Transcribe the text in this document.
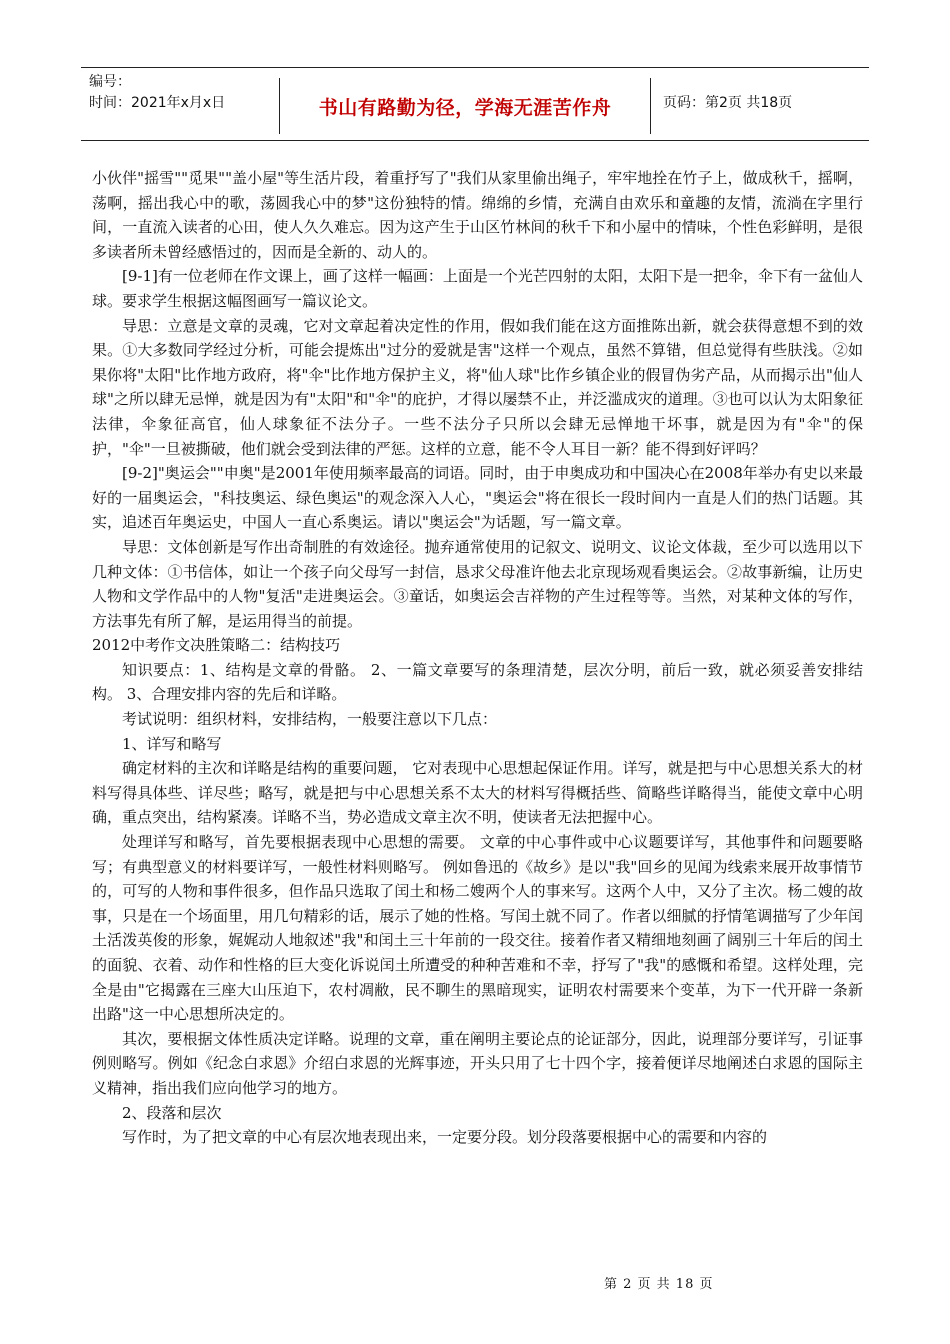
编号：
时间：2021年x月x日	书山有路勤为径，学海无涯苦作舟	页码：第2页 共18页

小伙伴"摇雪""觅果""盖小屋"等生活片段，着重抒写了"我们从家里偷出绳子，牢牢地拴在竹子上，做成秋千，摇啊，荡啊，摇出我心中的歌，荡圆我心中的梦"这份独特的情。绵绵的乡情，充满自由欢乐和童趣的友情，流淌在字里行间，一直流入读者的心田，使人久久难忘。因为这产生于山区竹林间的秋千下和小屋中的情味，个性色彩鲜明，是很多读者所未曾经感悟过的，因而是全新的、动人的。

[9-1]有一位老师在作文课上，画了这样一幅画：上面是一个光芒四射的太阳，太阳下是一把伞，伞下有一盆仙人球。要求学生根据这幅图画写一篇议论文。

导思：立意是文章的灵魂，它对文章起着决定性的作用，假如我们能在这方面推陈出新，就会获得意想不到的效果。①大多数同学经过分析，可能会提炼出"过分的爱就是害"这样一个观点，虽然不算错，但总觉得有些肤浅。②如果你将"太阳"比作地方政府，将"伞"比作地方保护主义，将"仙人球"比作乡镇企业的假冒伪劣产品，从而揭示出"仙人球"之所以肆无忌惮，就是因为有"太阳"和"伞"的庇护，才得以屡禁不止，并泛滥成灾的道理。③也可以认为太阳象征法律，伞象征高官，仙人球象征不法分子。一些不法分子只所以会肆无忌惮地干坏事，就是因为有"伞"的保护，"伞"一旦被撕破，他们就会受到法律的严惩。这样的立意，能不令人耳目一新？能不得到好评吗？

[9-2]"奥运会""申奥"是2001年使用频率最高的词语。同时，由于申奥成功和中国决心在2008年举办有史以来最好的一届奥运会，"科技奥运、绿色奥运"的观念深入人心，"奥运会"将在很长一段时间内一直是人们的热门话题。其实，追述百年奥运史，中国人一直心系奥运。请以"奥运会"为话题，写一篇文章。

导思：文体创新是写作出奇制胜的有效途径。抛弃通常使用的记叙文、说明文、议论文体裁，至少可以选用以下几种文体：①书信体，如让一个孩子向父母写一封信，恳求父母准许他去北京现场观看奥运会。②故事新编，让历史人物和文学作品中的人物"复活"走进奥运会。③童话，如奥运会吉祥物的产生过程等等。当然，对某种文体的写作，方法事先有所了解，是运用得当的前提。

2012中考作文决胜策略二：结构技巧

知识要点：1、结构是文章的骨骼。 2、一篇文章要写的条理清楚，层次分明，前后一致，就必须妥善安排结构。 3、合理安排内容的先后和详略。

考试说明：组织材料，安排结构，一般要注意以下几点：

1、详写和略写

确定材料的主次和详略是结构的重要问题， 它对表现中心思想起保证作用。详写，就是把与中心思想关系大的材料写得具体些、详尽些；略写，就是把与中心思想关系不太大的材料写得概括些、简略些详略得当，能使文章中心明确，重点突出，结构紧凑。详略不当，势必造成文章主次不明，使读者无法把握中心。

处理详写和略写，首先要根据表现中心思想的需要。 文章的中心事件或中心议题要详写，其他事件和问题要略写；有典型意义的材料要详写，一般性材料则略写。 例如鲁迅的《故乡》是以"我"回乡的见闻为线索来展开故事情节的，可写的人物和事件很多，但作品只选取了闰土和杨二嫂两个人的事来写。这两个人中，又分了主次。杨二嫂的故事，只是在一个场面里，用几句精彩的话，展示了她的性格。写闰土就不同了。作者以细腻的抒情笔调描写了少年闰土活泼英俊的形象，娓娓动人地叙述"我"和闰土三十年前的一段交往。接着作者又精细地刻画了阔别三十年后的闰土的面貌、衣着、动作和性格的巨大变化诉说闰土所遭受的种种苦难和不幸，抒写了"我"的感慨和希望。这样处理，完全是由"它揭露在三座大山压迫下，农村凋敝，民不聊生的黑暗现实，证明农村需要来个变革，为下一代开辟一条新出路"这一中心思想所决定的。

其次，要根据文体性质决定详略。说理的文章，重在阐明主要论点的论证部分，因此，说理部分要详写，引证事例则略写。例如《纪念白求恩》介绍白求恩的光辉事迹，开头只用了七十四个字，接着便详尽地阐述白求恩的国际主义精神，指出我们应向他学习的地方。

2、段落和层次

写作时，为了把文章的中心有层次地表现出来，一定要分段。划分段落要根据中心的需要和内容的

第 2 页 共 18 页
